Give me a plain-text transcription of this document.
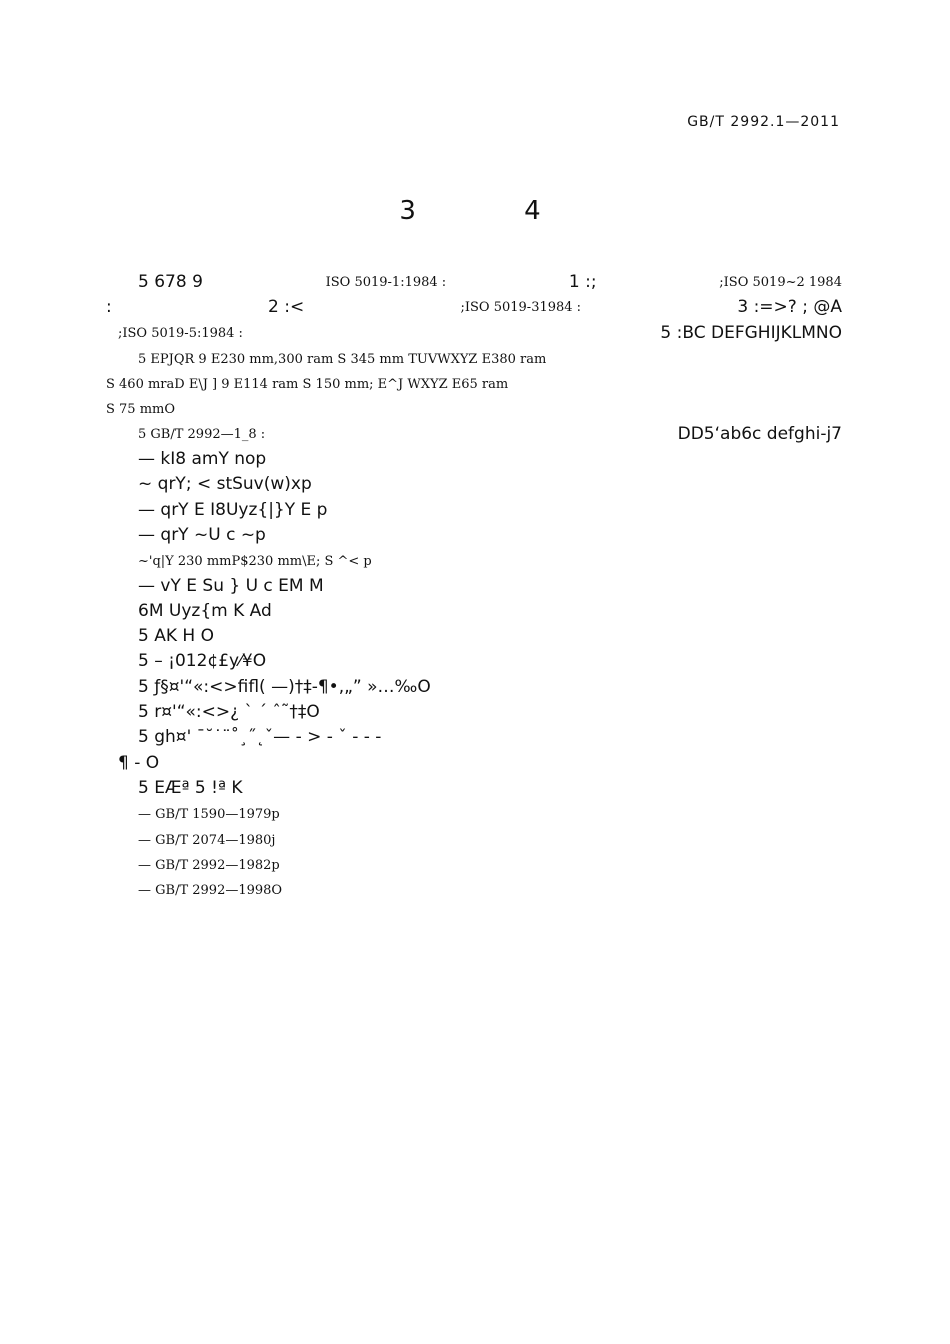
GB/T 2992.1—2011
3 4
5 678 9	ISO 5019-1:1984 :	1 :;	;ISO 5019~2 1984
:	2 :<	;ISO 5019-31984 :	3 :=>? ; @A
;ISO 5019-5:1984 :	5 :BC DEFGHIJKLMNO
5 EPJQR 9 E230 mm,300 ram S 345 mm TUVWXYZ E380 ram
S 460 mraD E\J ] 9 E114 ram S 150 mm; E^J WXYZ E65 ram
S 75 mmO
5 GB/T 2992—1_8 :	DD5‘ab6c defghi-j7
— kI8 amY nop
~ qrY; < stSuv(w)xp
— qrY E I8Uyz{|}Y E p
— qrY ~U c ~p
~'q|Y 230 mmP$230 mm\E; S ^< p
— vY E Su } U c EM M
6M Uyz{m K Ad
5 AK H O
5 – ¡012¢£y⁄¥O
5 ƒ§¤'“«:<>ﬁﬂ( —)†‡-¶•‚„” »…‰O
5 r¤'“«:<>¿ ` ´ ˆ˜†‡O
5 gh¤' ¯˘˙¨˚¸˝˛ˇ— - > - ˇ - - -
¶ - O
5 EÆª 5 !ª K
— GB/T 1590—1979p
— GB/T 2074—1980j
— GB/T 2992—1982p
— GB/T 2992—1998O
